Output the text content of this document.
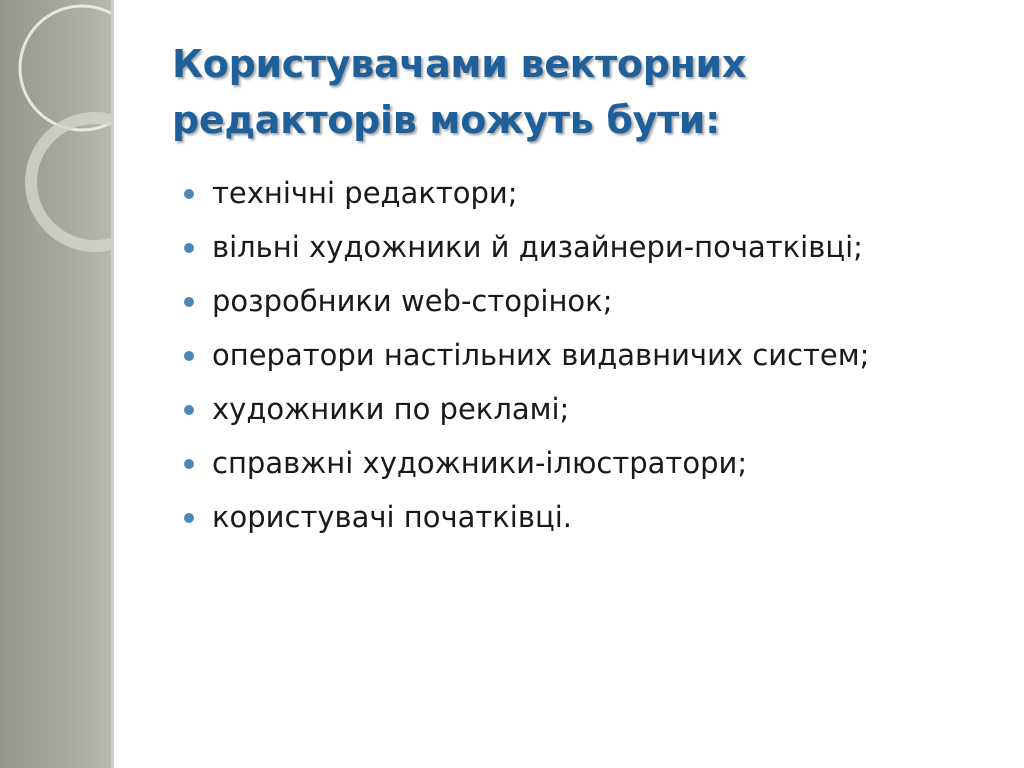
Користувачами векторних редакторів можуть бути:
технічні редактори;
вільні художники й дизайнери-початківці;
розробники web-сторінок;
оператори настільних видавничих систем;
художники по рекламі;
справжні художники-ілюстратори;
користувачі початківці.
